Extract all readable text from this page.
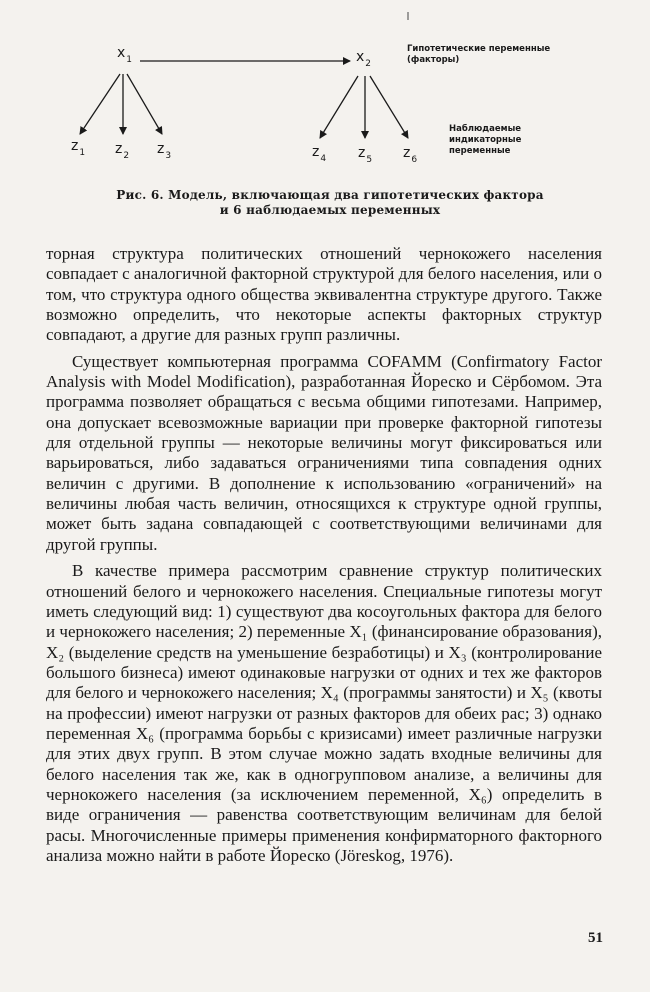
$x_1$	$x_2$
$z_1$ $z_2$ $z_3$	$z_4$ $z_5$ $z_6$
Гипотетические переменные
(факторы)
Наблюдаемые
индикаторные
переменные
Рис. 6. Модель, включающая два гипотетических фактора
и 6 наблюдаемых переменных

торная структура политических отношений чернокожего населения совпадает с аналогичной факторной структурой для белого населения, или о том, что структура одного общества эквивалентна структуре другого. Также возможно определить, что некоторые аспекты факторных структур совпадают, а другие для разных групп различны.

Существует компьютерная программа COFAMM (Confirmatory Factor Analysis with Model Modification), разработанная Йореско и Сёрбомом. Эта программа позволяет обращаться с весьма общими гипотезами. Например, она допускает всевозможные вариации при проверке факторной гипотезы для отдельной группы — некоторые величины могут фиксироваться или варьироваться, либо задаваться ограничениями типа совпадения одних величин с другими. В дополнение к использованию «ограничений» на величины любая часть величин, относящихся к структуре одной группы, может быть задана совпадающей с соответствующими величинами для другой группы.

В качестве примера рассмотрим сравнение структур политических отношений белого и чернокожего населения. Специальные гипотезы могут иметь следующий вид: 1) существуют два косоугольных фактора для белого и чернокожего населения; 2) переменные X₁ (финансирование образования), X₂ (выделение средств на уменьшение безработицы) и X₃ (контролирование большого бизнеса) имеют одинаковые нагрузки от одних и тех же факторов для белого и чернокожего населения; X₄ (программы занятости) и X₅ (квоты на профессии) имеют нагрузки от разных факторов для обеих рас; 3) однако переменная X₆ (программа борьбы с кризисами) имеет различные нагрузки для этих двух групп. В этом случае можно задать входные величины для белого населения так же, как в одногрупповом анализе, а величины для чернокожего населения (за исключением переменной, X₆) определить в виде ограничения — равенства соответствующим величинам для белой расы. Многочисленные примеры применения конфирматорного факторного анализа можно найти в работе Йореско (Jöreskog, 1976).

51
